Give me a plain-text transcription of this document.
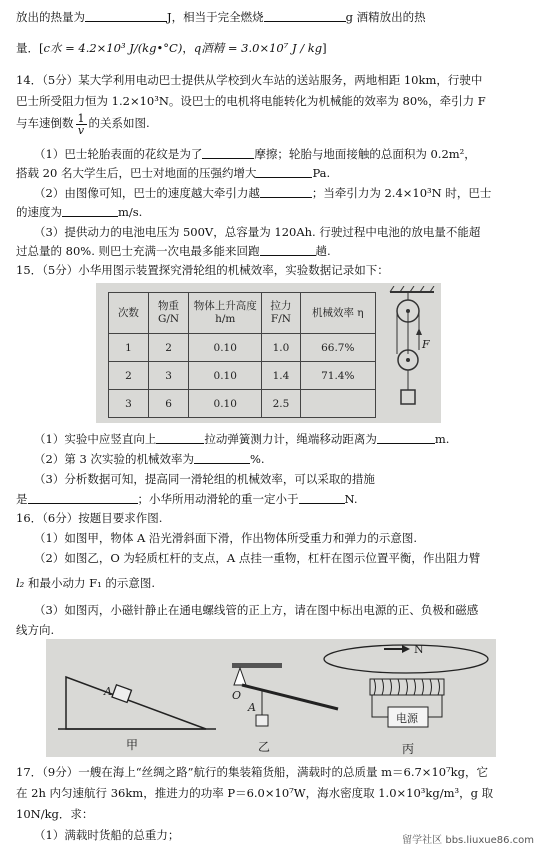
放出的热量为	J，相当于完全燃烧	g 酒精放出的热
量．[c水 = 4.2×10³ J/(kg•°C)，q酒精 = 3.0×10⁷ J / kg]
14．（5分）某大学利用电动巴士提供从学校到火车站的送站服务，两地相距 10km，行驶中
巴士所受阻力恒为 1.2×10³N。设巴士的电机将电能转化为机械能的效率为 80%，牵引力 F
与车速倒数 $\frac{1}{v}$ 的关系如图.
（1）巴士轮胎表面的花纹是为了	摩擦；轮胎与地面接触的总面积为 0.2m²，
搭载 20 名大学生后，巴士对地面的压强约增大	Pa.
（2）由图像可知，巴士的速度越大牵引力越	；当牵引力为 2.4×10³N 时，巴士
的速度为	m/s.
（3）提供动力的电池电压为 500V，总容量为 120Ah. 行驶过程中电池的放电量不能超
过总量的 80%. 则巴士充满一次电最多能来回跑	趟.
15．（5分）小华用图示装置探究滑轮组的机械效率，实验数据记录如下：
次数	物重 G/N	物体上升高度 h/m	拉力 F/N	机械效率 η
1	2	0.10	1.0	66.7%
2	3	0.10	1.4	71.4%
3	6	0.10	2.5	
F
（1）实验中应竖直向上	拉动弹簧测力计，绳端移动距离为	m.
（2）第 3 次实验的机械效率为	%.
（3）分析数据可知，提高同一滑轮组的机械效率，可以采取的措施
是	；小华所用动滑轮的重一定小于	N.
16．（6分）按题目要求作图.
（1）如图甲，物体 A 沿光滑斜面下滑，作出物体所受重力和弹力的示意图.
（2）如图乙，O 为轻质杠杆的支点，A 点挂一重物，杠杆在图示位置平衡，作出阻力臂
l₂ 和最小动力 F₁ 的示意图.
（3）如图丙，小磁针静止在通电螺线管的正上方，请在图中标出电源的正、负极和磁感
线方向.
A
甲
O
A
乙
N
电源
丙
17．（9分）一艘在海上“丝绸之路”航行的集装箱货船，满载时的总质量 m＝6.7×10⁷kg，它
在 2h 内匀速航行 36km，推进力的功率 P＝6.0×10⁷W，海水密度取 1.0×10³kg/m³，g 取
10N/kg．求：
（1）满载时货船的总重力；	留学社区 bbs.liuxue86.com
